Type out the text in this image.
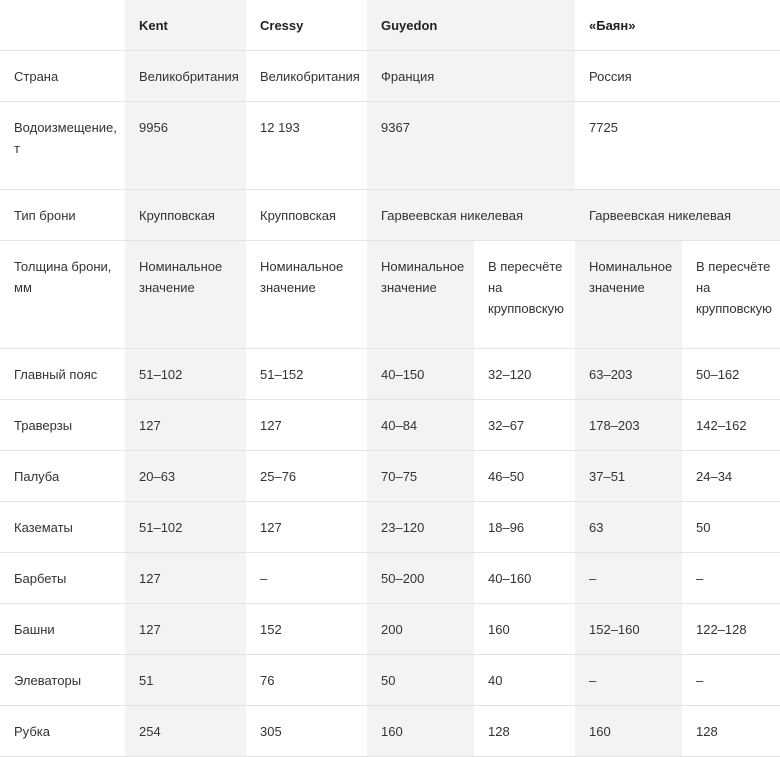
	Kent	Cressy	Guyedon		«Баян»	
Страна	Великобритания	Великобритания	Франция		Россия	
Водоизмещение, т	9956	12 193	9367		7725	
Тип брони	Крупповская	Крупповская	Гарвеевская никелевая		Гарвеевская никелевая	
Толщина брони, мм	Номинальное значение	Номинальное значение	Номинальное значение	В пересчёте на крупповскую	Номинальное значение	В пересчёте на крупповскую
Главный пояс	51–102	51–152	40–150	32–120	63–203	50–162
Траверзы	127	127	40–84	32–67	178–203	142–162
Палуба	20–63	25–76	70–75	46–50	37–51	24–34
Казематы	51–102	127	23–120	18–96	63	50
Барбеты	127	–	50–200	40–160	–	–
Башни	127	152	200	160	152–160	122–128
Элеваторы	51	76	50	40	–	–
Рубка	254	305	160	128	160	128
